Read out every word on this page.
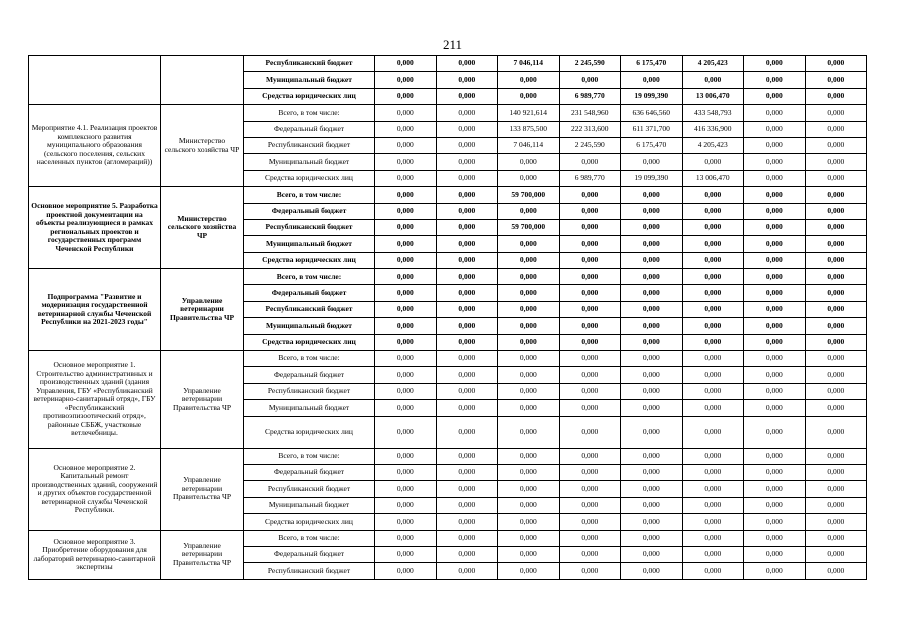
211
		Республиканский бюджет	0,000	0,000	7 046,114	2 245,590	6 175,470	4 205,423	0,000	0,000
		Муниципальный бюджет	0,000	0,000	0,000	0,000	0,000	0,000	0,000	0,000
		Средства юридических лиц	0,000	0,000	0,000	6 989,770	19 099,390	13 006,470	0,000	0,000
Мероприятие 4.1. Реализация проектов комплексного развития муниципального образования (сельского поселения, сельских населенных пунктов (агломераций))	Министерство сельского хозяйства ЧР	Всего, в том числе:	0,000	0,000	140 921,614	231 548,960	636 646,560	433 548,793	0,000	0,000
		Федеральный бюджет	0,000	0,000	133 875,500	222 313,600	611 371,700	416 336,900	0,000	0,000
		Республиканский бюджет	0,000	0,000	7 046,114	2 245,590	6 175,470	4 205,423	0,000	0,000
		Муниципальный бюджет	0,000	0,000	0,000	0,000	0,000	0,000	0,000	0,000
		Средства юридических лиц	0,000	0,000	0,000	6 989,770	19 099,390	13 006,470	0,000	0,000
Основное мероприятие 5. Разработка проектной документации на объекты реализующиеся в рамках региональных проектов и государственных программ Чеченской Республики	Министерство сельского хозяйства ЧР	Всего, в том числе:	0,000	0,000	59 700,000	0,000	0,000	0,000	0,000	0,000
		Федеральный бюджет	0,000	0,000	0,000	0,000	0,000	0,000	0,000	0,000
		Республиканский бюджет	0,000	0,000	59 700,000	0,000	0,000	0,000	0,000	0,000
		Муниципальный бюджет	0,000	0,000	0,000	0,000	0,000	0,000	0,000	0,000
		Средства юридических лиц	0,000	0,000	0,000	0,000	0,000	0,000	0,000	0,000
Подпрограмма "Развитие и модернизация государственной ветеринарной службы Чеченской Республики на 2021-2023 годы"	Управление ветеринарии Правительства ЧР	Всего, в том числе:	0,000	0,000	0,000	0,000	0,000	0,000	0,000	0,000
		Федеральный бюджет	0,000	0,000	0,000	0,000	0,000	0,000	0,000	0,000
		Республиканский бюджет	0,000	0,000	0,000	0,000	0,000	0,000	0,000	0,000
		Муниципальный бюджет	0,000	0,000	0,000	0,000	0,000	0,000	0,000	0,000
		Средства юридических лиц	0,000	0,000	0,000	0,000	0,000	0,000	0,000	0,000
Основное мероприятие 1. Строительство административных и производственных зданий (здания Управления, ГБУ «Республиканский ветеринарно-санитарный отряд», ГБУ «Республиканский противоэпизоотический отряд», районные СББЖ, участковые ветлечебницы.	Управление ветеринарии Правительства ЧР	Всего, в том числе:	0,000	0,000	0,000	0,000	0,000	0,000	0,000	0,000
		Федеральный бюджет	0,000	0,000	0,000	0,000	0,000	0,000	0,000	0,000
		Республиканский бюджет	0,000	0,000	0,000	0,000	0,000	0,000	0,000	0,000
		Муниципальный бюджет	0,000	0,000	0,000	0,000	0,000	0,000	0,000	0,000
		Средства юридических лиц	0,000	0,000	0,000	0,000	0,000	0,000	0,000	0,000
Основное мероприятие 2. Капитальный ремонт производственных зданий, сооружений и других объектов государственной ветеринарной службы Чеченской Республики.	Управление ветеринарии Правительства ЧР	Всего, в том числе:	0,000	0,000	0,000	0,000	0,000	0,000	0,000	0,000
		Федеральный бюджет	0,000	0,000	0,000	0,000	0,000	0,000	0,000	0,000
		Республиканский бюджет	0,000	0,000	0,000	0,000	0,000	0,000	0,000	0,000
		Муниципальный бюджет	0,000	0,000	0,000	0,000	0,000	0,000	0,000	0,000
		Средства юридических лиц	0,000	0,000	0,000	0,000	0,000	0,000	0,000	0,000
Основное мероприятие 3. Приобретение оборудования для лабораторий ветеринарно-санитарной экспертизы	Управление ветеринарии Правительства ЧР	Всего, в том числе:	0,000	0,000	0,000	0,000	0,000	0,000	0,000	0,000
		Федеральный бюджет	0,000	0,000	0,000	0,000	0,000	0,000	0,000	0,000
		Республиканский бюджет	0,000	0,000	0,000	0,000	0,000	0,000	0,000	0,000
